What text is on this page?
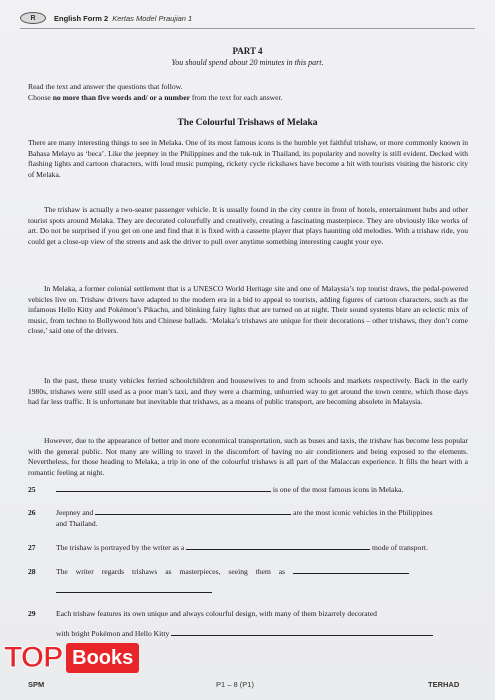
R	English Form 2 Kertas Model Praujian 1
PART 4
You should spend about 20 minutes in this part.
Read the text and answer the questions that follow.
Choose no more than five words and/ or a number from the text for each answer.
The Colourful Trishaws of Melaka

There are many interesting things to see in Melaka. One of its most famous icons is the humble yet faithful trishaw, or more commonly known in Bahasa Melayu as ‘beca’. Like the jeepney in the Philippines and the tuk-tuk in Thailand, its popularity and novelty is still evident. Decked with flashing lights and cartoon characters, with loud music pumping, rickety cycle rickshaws have become a hit with tourists visiting the historic city of Melaka.

The trishaw is actually a two-seater passenger vehicle. It is usually found in the city centre in front of hotels, entertainment hubs and other tourist spots around Melaka. They are decorated colourfully and creatively, creating a fascinating masterpiece. They are obviously like works of art. Do not be surprised if you get on one and find that it is fixed with a cassette player that plays haunting old melodies. With a trishaw ride, you could get a close-up view of the streets and ask the driver to pull over anytime something interesting caught your eye.

In Melaka, a former colonial settlement that is a UNESCO World Heritage site and one of Malaysia’s top tourist draws, the pedal-powered vehicles live on. Trishaw drivers have adapted to the modern era in a bid to appeal to tourists, adding figures of cartoon characters, such as the infamous Hello Kitty and Pokémon’s Pikachu, and blinking fairy lights that are turned on at night. Their sound systems blare an eclectic mix of music, from techno to Bollywood hits and Chinese ballads. ‘Melaka’s trishaws are unique for their decorations – other trishaws, they don’t come close,’ said one of the drivers.

In the past, these trusty vehicles ferried schoolchildren and housewives to and from schools and markets respectively. Back in the early 1980s, trishaws were still used as a poor man’s taxi, and they were a charming, unhurried way to get around the town centre, which those days had far less traffic. It is unfortunate but inevitable that trishaws, as a means of public transport, are becoming absolete in Malaysia.

However, due to the appearance of better and more economical transportation, such as buses and taxis, the trishaw has become less popular with the general public. Not many are willing to travel in the discomfort of having no air conditioners and being exposed to the elements. Nevertheless, for those heading to Melaka, a trip in one of the colourful trishaws is all part of the Malaccan experience. It fills the heart with a romantic feeling at night.

25	is one of the most famous icons in Melaka.
26	Jeepney and	are the most iconic vehicles in the Philippines
and Thailand.
27	The trishaw is portrayed by the writer as a	mode of transport.
28	The writer regards trishaws as masterpieces, seeing them as
29	Each trishaw features its own unique and always colourful design, with many of them bizarrely decorated
with bright Pokémon and Hello Kitty
TOP Books
SPM	P1 – 8 (P1)	TERHAD
